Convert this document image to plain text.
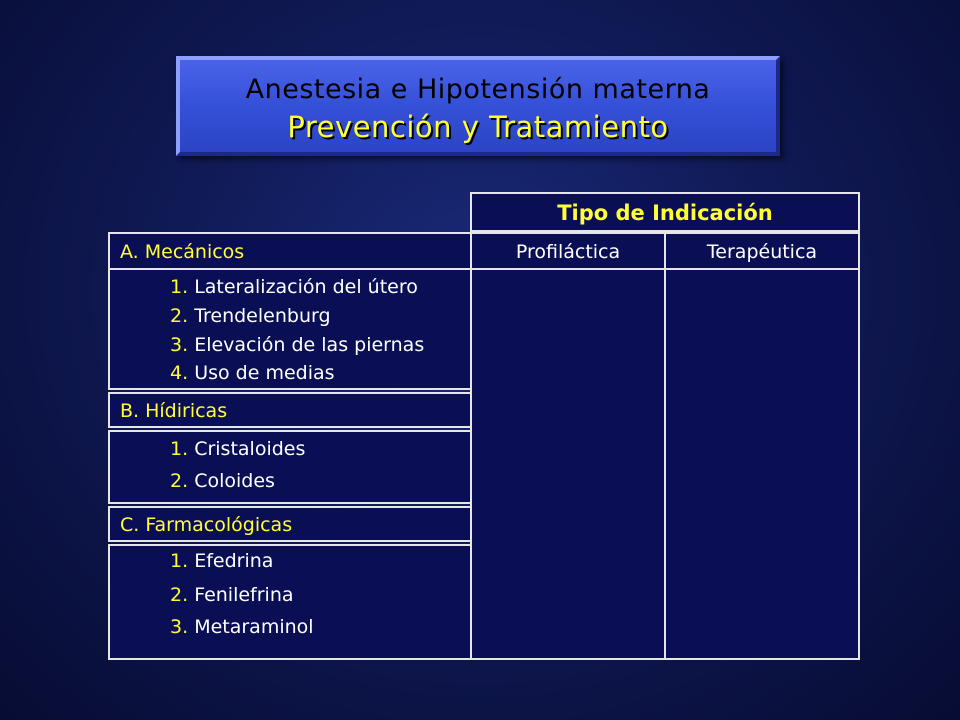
Anestesia e Hipotensión materna
Prevención y Tratamiento
Tipo de Indicación
A. Mecánicos	Profiláctica	Terapéutica
1. Lateralización del útero
2. Trendelenburg
3. Elevación de las piernas
4. Uso de medias
B. Hídiricas
1. Cristaloides
2. Coloides
C. Farmacológicas
1. Efedrina
2. Fenilefrina
3. Metaraminol
